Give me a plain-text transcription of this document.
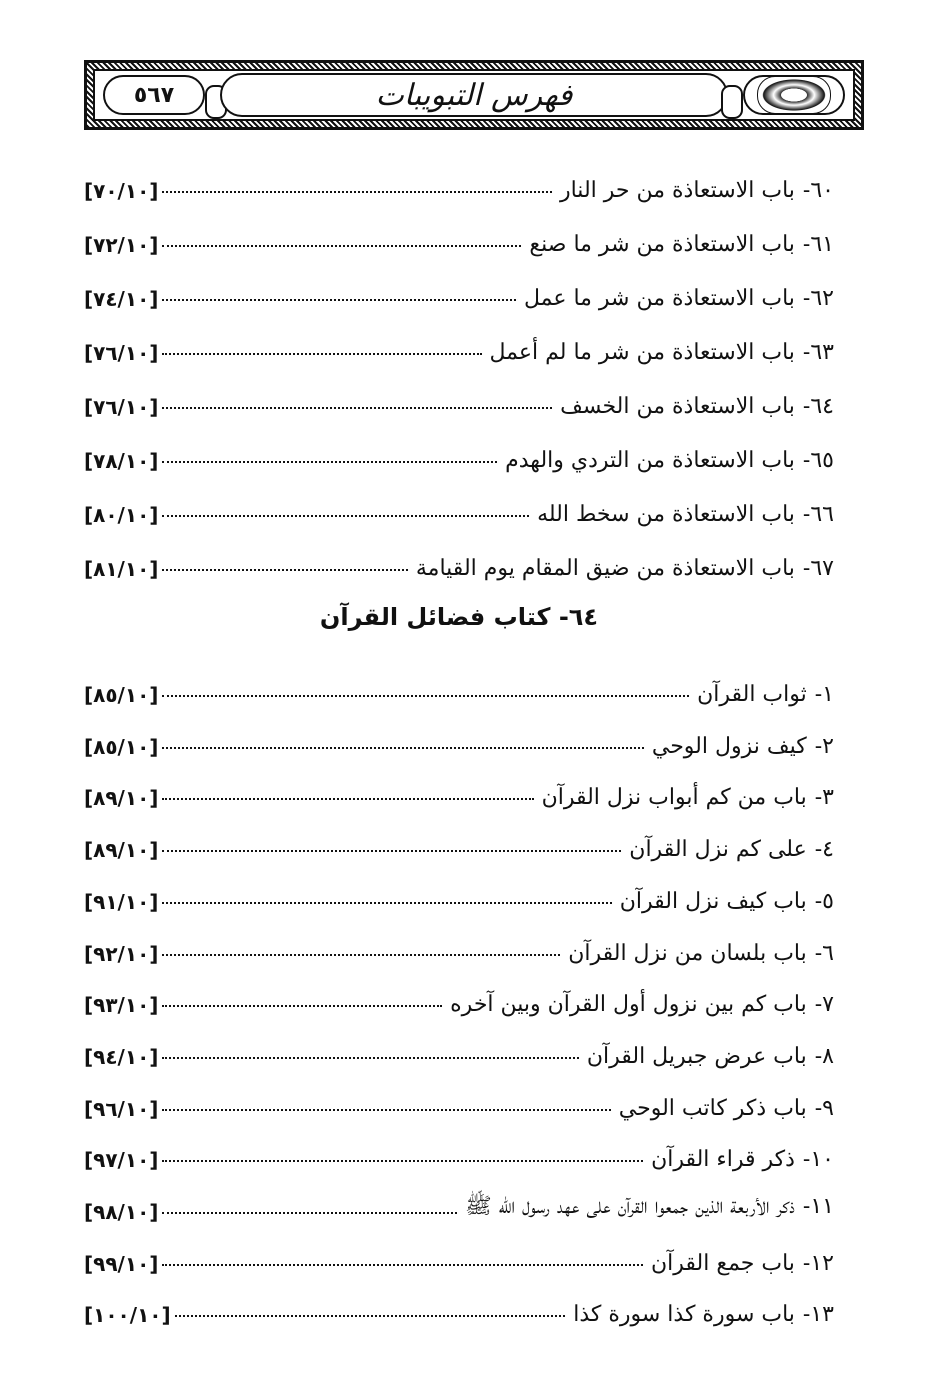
٥٦٧	فهرس التبويبات
٦٤- كتاب فضائل القرآن
[٧٠/١٠]	٦٠-باب الاستعاذة من حر النار
[٧٢/١٠]	٦١-باب الاستعاذة من شر ما صنع
[٧٤/١٠]	٦٢-باب الاستعاذة من شر ما عمل
[٧٦/١٠]	٦٣-باب الاستعاذة من شر ما لم أعمل
[٧٦/١٠]	٦٤-باب الاستعاذة من الخسف
[٧٨/١٠]	٦٥-باب الاستعاذة من التردي والهدم
[٨٠/١٠]	٦٦-باب الاستعاذة من سخط الله
[٨١/١٠]	٦٧-باب الاستعاذة من ضيق المقام يوم القيامة
[٨٥/١٠]	١-ثواب القرآن
[٨٥/١٠]	٢-كيف نزول الوحي
[٨٩/١٠]	٣-باب من كم أبواب نزل القرآن
[٨٩/١٠]	٤-على كم نزل القرآن
[٩١/١٠]	٥-باب كيف نزل القرآن
[٩٢/١٠]	٦-باب بلسان من نزل القرآن
[٩٣/١٠]	٧-باب كم بين نزول أول القرآن وبين آخره
[٩٤/١٠]	٨-باب عرض جبريل القرآن
[٩٦/١٠]	٩-باب ذكر كاتب الوحي
[٩٧/١٠]	١٠-ذكر قراء القرآن
[٩٨/١٠]	١١-ذكر الأربعة الذين جمعوا القرآن على عهد رسول الله ﷺ
[٩٩/١٠]	١٢-باب جمع القرآن
[١٠٠/١٠]	١٣-باب سورة كذا سورة كذا
